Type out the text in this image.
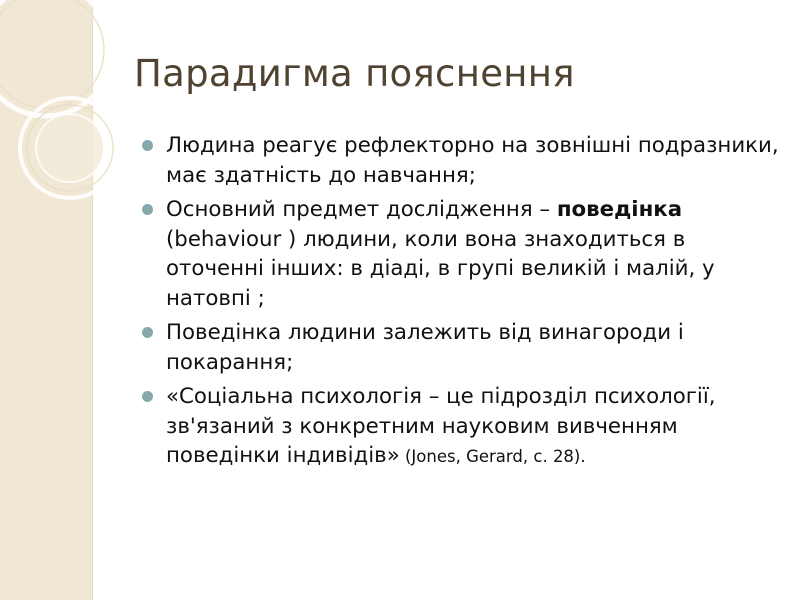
Парадигма пояснення
Людина реагує рефлекторно на зовнішні подразники, має здатність до навчання;
Основний предмет дослідження – поведінка (behaviour ) людини, коли вона знаходиться в оточенні інших: в діаді, в групі великій і малій, у натовпі ;
Поведінка людини залежить від винагороди і покарання;
«Соціальна психологія – це підрозділ психології, зв'язаний з конкретним науковим вивченням поведінки індивідів» (Jones, Gerard, c. 28).
